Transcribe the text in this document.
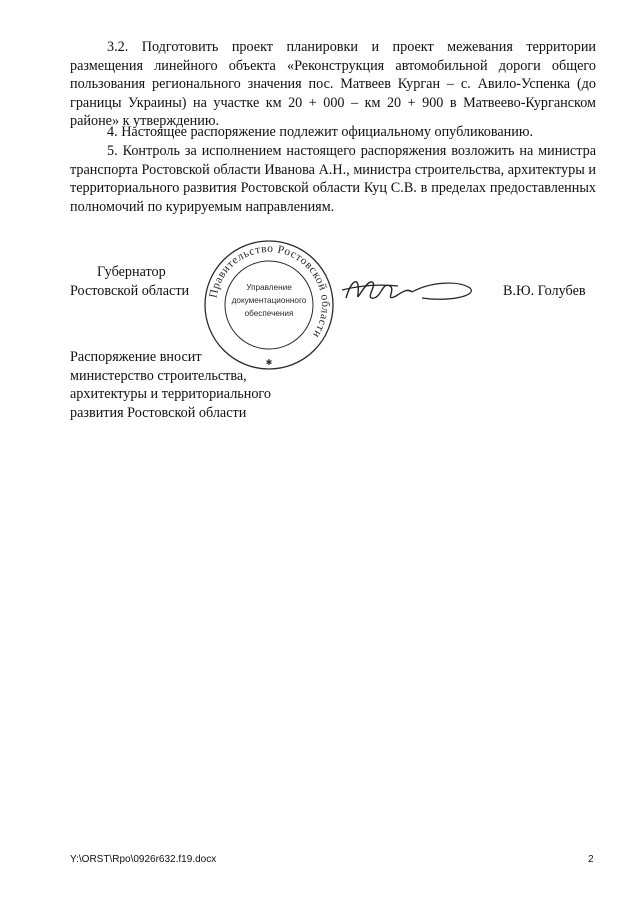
3.2. Подготовить проект планировки и проект межевания территории размещения линейного объекта «Реконструкция автомобильной дороги общего пользования регионального значения пос. Матвеев Курган – с. Авило-Успенка (до границы Украины) на участке км 20 + 000 – км 20 + 900 в Матвеево-Курганском районе» к утверждению.

4. Настоящее распоряжение подлежит официальному опубликованию.

5. Контроль за исполнением настоящего распоряжения возложить на министра транспорта Ростовской области Иванова А.Н., министра строительства, архитектуры и территориального развития Ростовской области Куц С.В. в пределах предоставленных полномочий по курируемым направлениям.

Губернатор
Ростовской области Правительство Ростовской области
Управление
документационного
обеспечения
✱
В.Ю. Голубев
Распоряжение вносит
министерство строительства,
архитектуры и территориального
развития Ростовской области
Y:\ORST\Rpo\0926r632.f19.docx	2
